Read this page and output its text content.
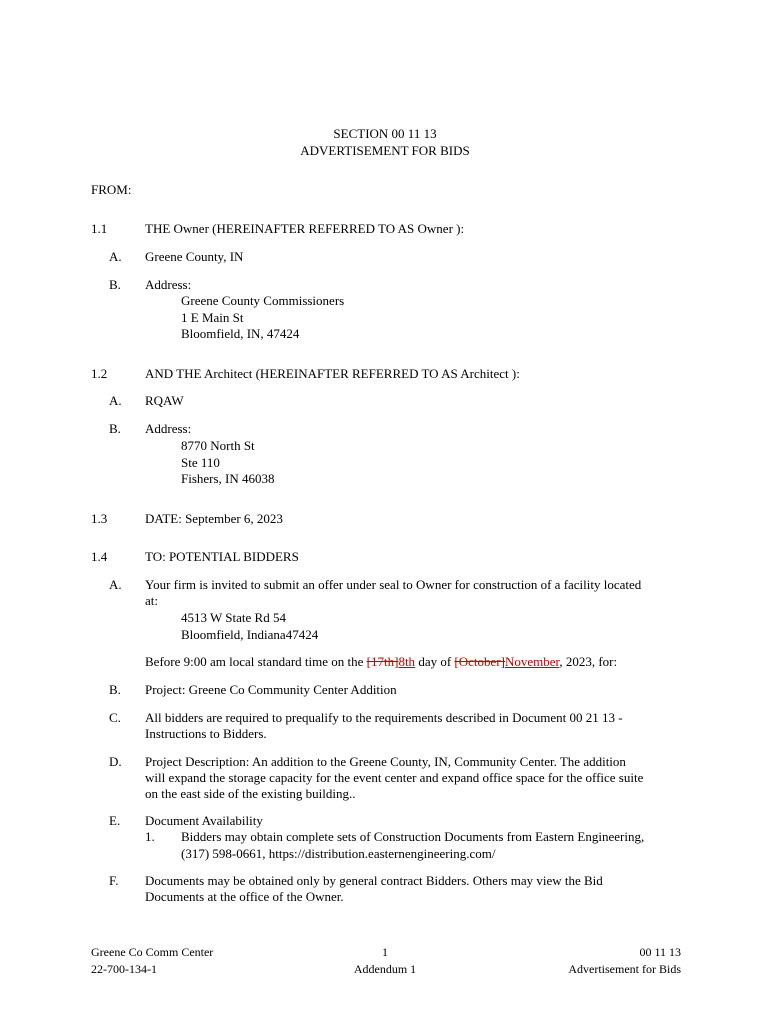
SECTION 00 11 13
ADVERTISEMENT FOR BIDS
FROM:
1.1	THE Owner (HEREINAFTER REFERRED TO AS Owner ):
A. Greene County, IN
B. Address:
Greene County Commissioners
1 E Main St
Bloomfield, IN, 47424
1.2	AND THE Architect (HEREINAFTER REFERRED TO AS Architect ):
A. RQAW
B. Address:
8770 North St
Ste 110
Fishers, IN 46038
1.3	DATE: September 6, 2023
1.4	TO: POTENTIAL BIDDERS
A. Your firm is invited to submit an offer under seal to Owner for construction of a facility located
at:
4513 W State Rd 54
Bloomfield, Indiana47424
Before 9:00 am local standard time on the [17th]8th day of [October]November, 2023, for:
B. Project: Greene Co Community Center Addition
C. All bidders are required to prequalify to the requirements described in Document 00 21 13 -
Instructions to Bidders.
D. Project Description: An addition to the Greene County, IN, Community Center. The addition
will expand the storage capacity for the event center and expand office space for the office suite
on the east side of the existing building..
E. Document Availability
1. Bidders may obtain complete sets of Construction Documents from Eastern Engineering,
(317) 598-0661, https://distribution.easternengineering.com/
F. Documents may be obtained only by general contract Bidders. Others may view the Bid
Documents at the office of the Owner.
Greene Co Comm Center
22-700-134-1
1
Addendum 1
00 11 13
Advertisement for Bids
